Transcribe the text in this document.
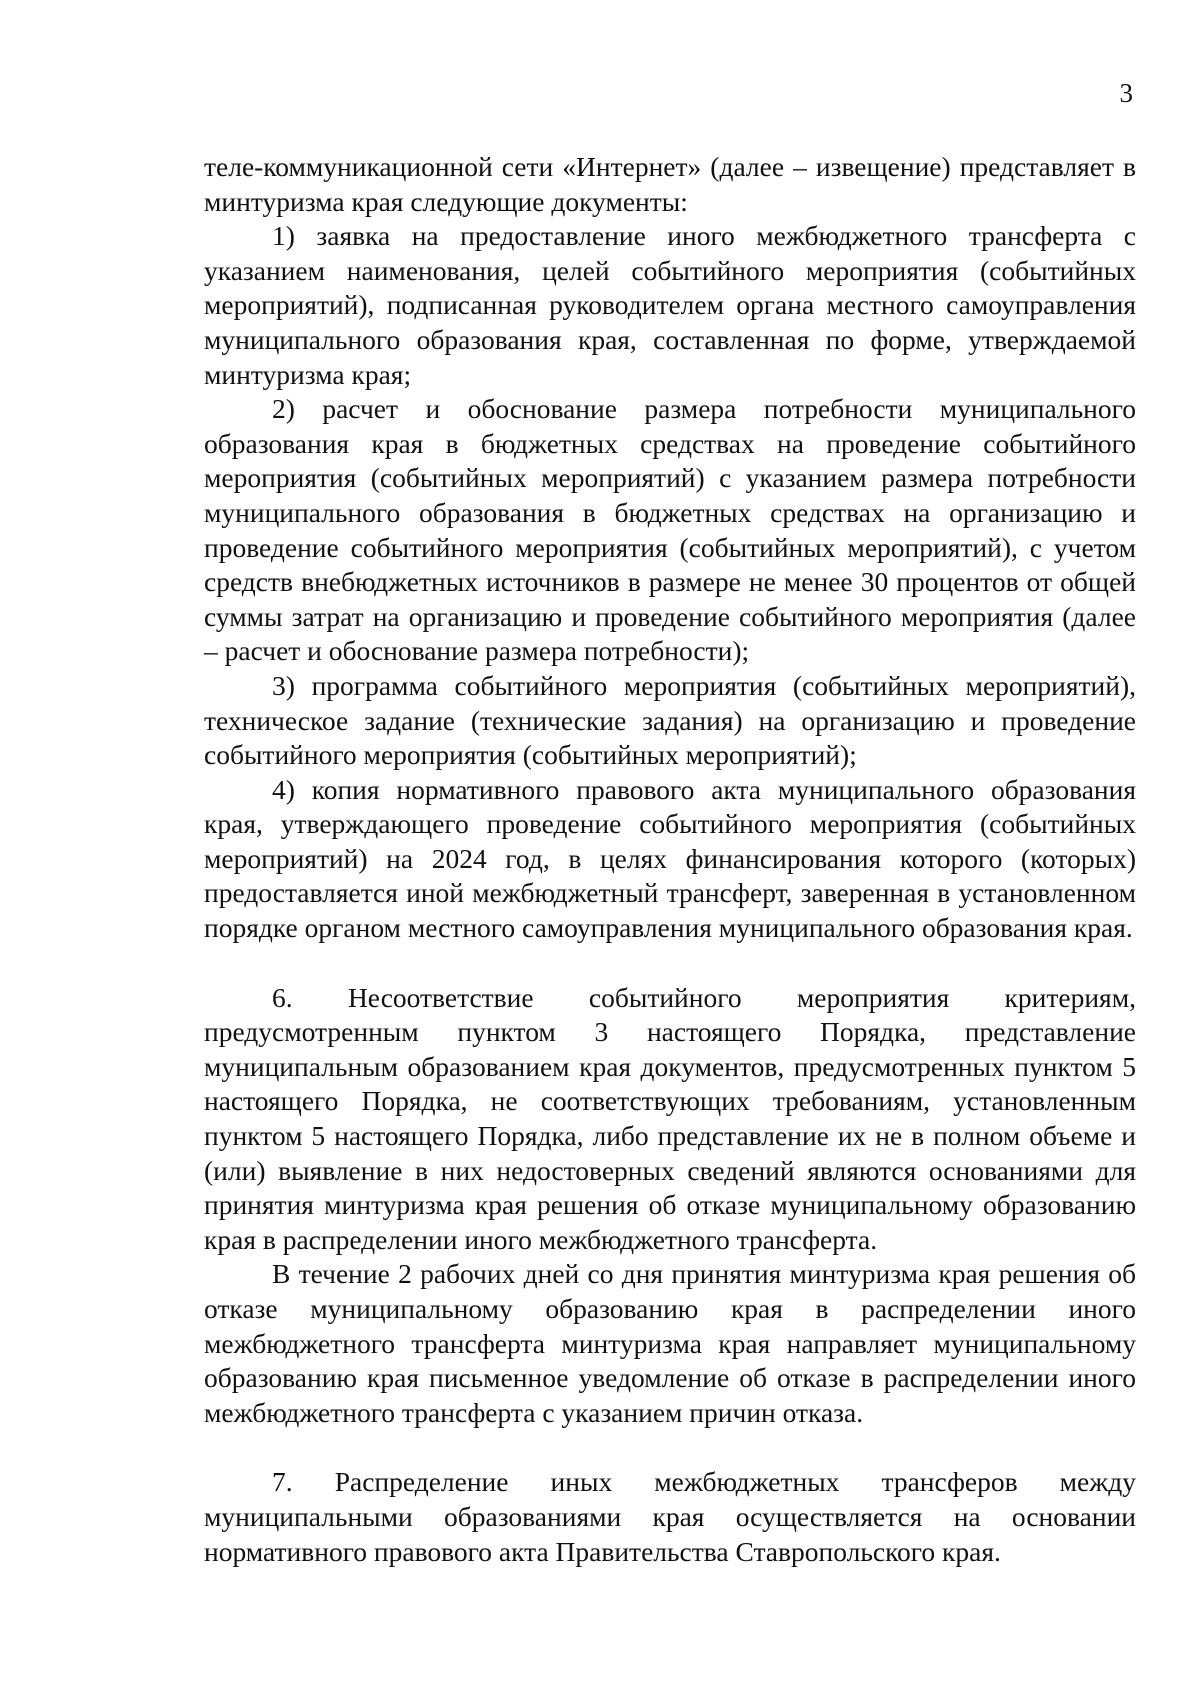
3

теле-коммуникационной сети «Интернет» (далее – извещение) представляет в минтуризма края следующие документы:

1) заявка на предоставление иного межбюджетного трансферта с указанием наименования, целей событийного мероприятия (событийных мероприятий), подписанная руководителем органа местного самоуправления муниципального образования края, составленная по форме, утверждаемой минтуризма края;

2) расчет и обоснование размера потребности муниципального образования края в бюджетных средствах на проведение событийного мероприятия (событийных мероприятий) с указанием размера потребности муниципального образования в бюджетных средствах на организацию и проведение событийного мероприятия (событийных мероприятий), с учетом средств внебюджетных источников в размере не менее 30 процентов от общей суммы затрат на организацию и проведение событийного мероприятия (далее – расчет и обоснование размера потребности);

3) программа событийного мероприятия (событийных мероприятий), техническое задание (технические задания) на организацию и проведение событийного мероприятия (событийных мероприятий);

4) копия нормативного правового акта муниципального образования края, утверждающего проведение событийного мероприятия (событийных мероприятий) на 2024 год, в целях финансирования которого (которых) предоставляется иной межбюджетный трансферт, заверенная в установленном порядке органом местного самоуправления муниципального образования края.

6. Несоответствие событийного мероприятия критериям, предусмотренным пунктом 3 настоящего Порядка, представление муниципальным образованием края документов, предусмотренных пунктом 5 настоящего Порядка, не соответствующих требованиям, установленным пунктом 5 настоящего Порядка, либо представление их не в полном объеме и (или) выявление в них недостоверных сведений являются основаниями для принятия минтуризма края решения об отказе муниципальному образованию края в распределении иного межбюджетного трансферта.

В течение 2 рабочих дней со дня принятия минтуризма края решения об отказе муниципальному образованию края в распределении иного межбюджетного трансферта минтуризма края направляет муниципальному образованию края письменное уведомление об отказе в распределении иного межбюджетного трансферта с указанием причин отказа.

7. Распределение иных межбюджетных трансферов между муниципальными образованиями края осуществляется на основании нормативного правового акта Правительства Ставропольского края.
